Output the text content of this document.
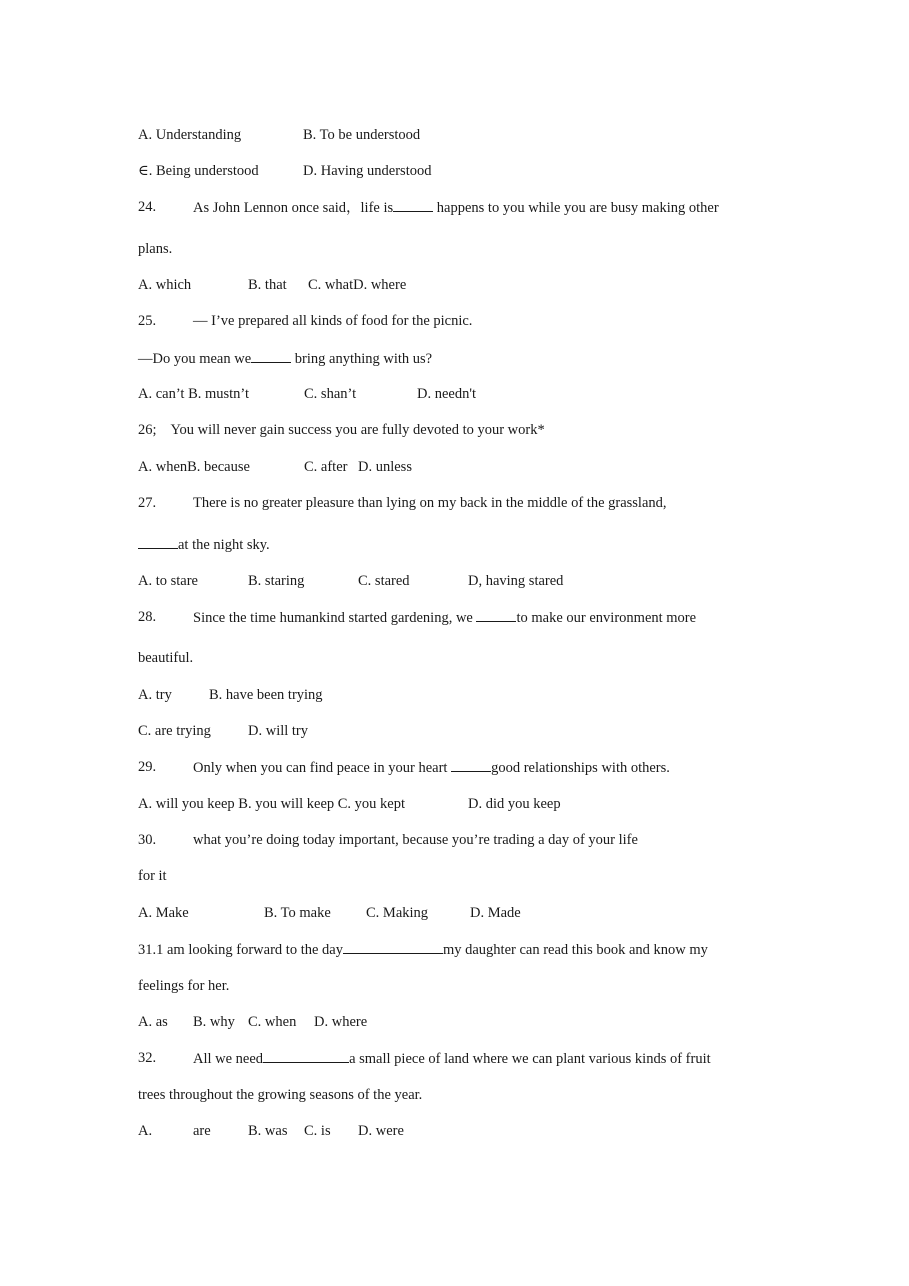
A. Understanding

	B. To be understood

∈. Being understood

	D. Having understood

24.

	As John Lennon once said，life is	happens to you while you are busy making other

plans.

A. which

	B. that

C. whatD. where

25.

	— I’ve prepared all kinds of food for the picnic.

—Do you mean we	bring anything with us?

A. can’t B. mustn’t

	C. shan’t

	D. needn't

26;    You will never gain success you are fully devoted to your work*

A. whenB. because

	C. after

D. unless

27.

	There is no greater pleasure than lying on my back in the middle of the grassland,

at the night sky.

A. to stare

	B. staring

	C. stared

	D, having stared

28.

	Since the time humankind started gardening, we	to make our environment more

beautiful.

A. try

	B. have been trying

C. are trying

	D. will try

29.

	Only when you can find peace in your heart	good relationships with others.

A. will you keep B. you will keep C. you kept

	D. did you keep

30.

	what you’re doing today important, because you’re trading a day of your life

for it

A. Make

	B. To make

C. Making

	D. Made

31.1 am looking forward to the day	my daughter can read this book and know my
feelings for her.

A. as

B. why

C. when

D. where

32.

	All we need	a small piece of land where we can plant various kinds of fruit

trees throughout the growing seasons of the year.

A.

	are

	B. was

C. is

D. were
